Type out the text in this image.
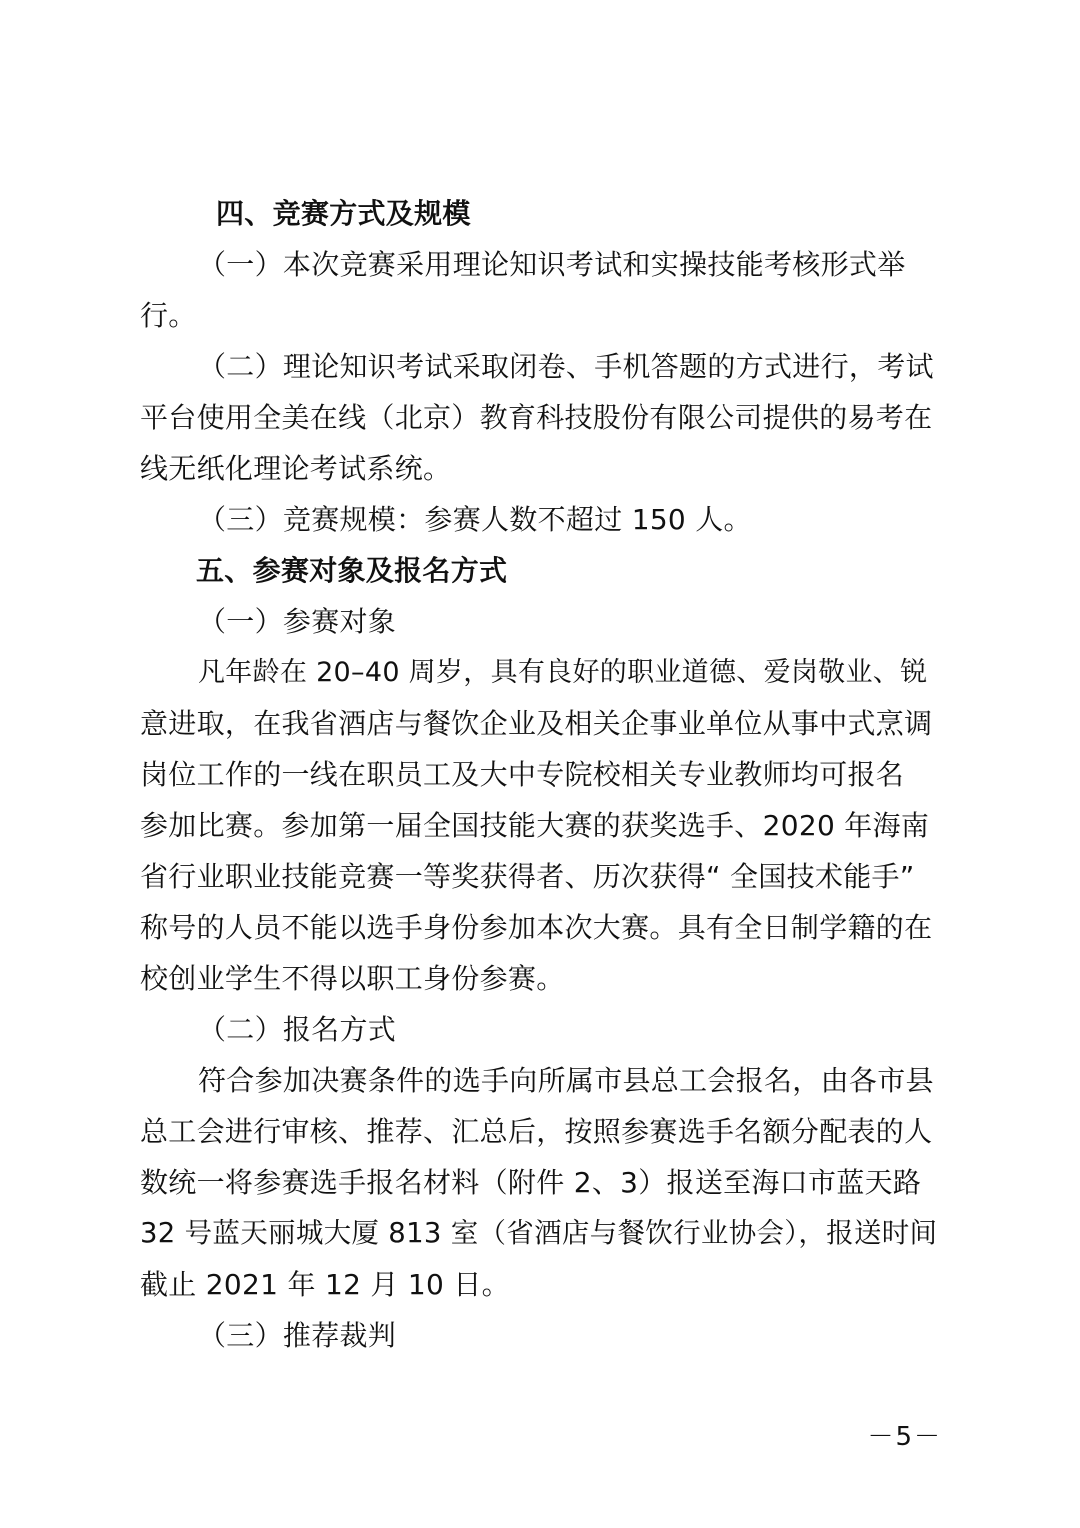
四、竞赛方式及规模
（一）本次竞赛采用理论知识考试和实操技能考核形式举
行。
（二）理论知识考试采取闭卷、手机答题的方式进行，考试
平台使用全美在线（北京）教育科技股份有限公司提供的易考在
线无纸化理论考试系统。
（三）竞赛规模：参赛人数不超过 150 人。
五、参赛对象及报名方式
（一）参赛对象
凡年龄在 20–40 周岁，具有良好的职业道德、爱岗敬业、锐
意进取，在我省酒店与餐饮企业及相关企事业单位从事中式烹调
岗位工作的一线在职员工及大中专院校相关专业教师均可报名
参加比赛。参加第一届全国技能大赛的获奖选手、2020 年海南
省行业职业技能竞赛一等奖获得者、历次获得“ 全国技术能手”
称号的人员不能以选手身份参加本次大赛。具有全日制学籍的在
校创业学生不得以职工身份参赛。
（二）报名方式
符合参加决赛条件的选手向所属市县总工会报名，由各市县
总工会进行审核、推荐、汇总后，按照参赛选手名额分配表的人
数统一将参赛选手报名材料（附件 2、3）报送至海口市蓝天路
32 号蓝天丽城大厦 813 室（省酒店与餐饮行业协会），报送时间
截止 2021 年 12 月 10 日。
（三）推荐裁判
－5－
